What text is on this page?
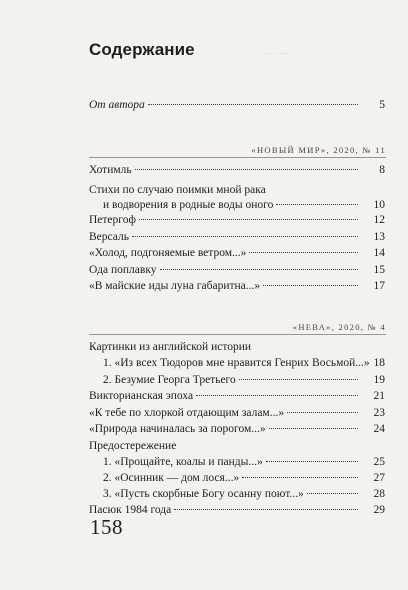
— · —
Содержание
От автора	5
«НОВЫЙ МИР», 2020, № 11
Хотимль	8
Стихи по случаю поимки мной рака
и водворения в родные воды оного	10
Петергоф	12
Версаль	13
«Холод, подгоняемые ветром...»	14
Ода поплавку	15
«В майские иды луна габаритна...»	17
«НЕВА», 2020, № 4
Картинки из английской истории
1. «Из всех Тюдоров мне нравится Генрих Восьмой...» 18
2. Безумие Георга Третьего	19
Викторианская эпоха	21
«К тебе по хлоркой отдающим залам...»	23
«Природа начиналась за порогом...»	24
Предостережение
1. «Прощайте, коалы и панды...»	25
2. «Осинник — дом лося...»	27
3. «Пусть скорбные Богу осанну поют...»	28
Пасюк 1984 года	29
158
